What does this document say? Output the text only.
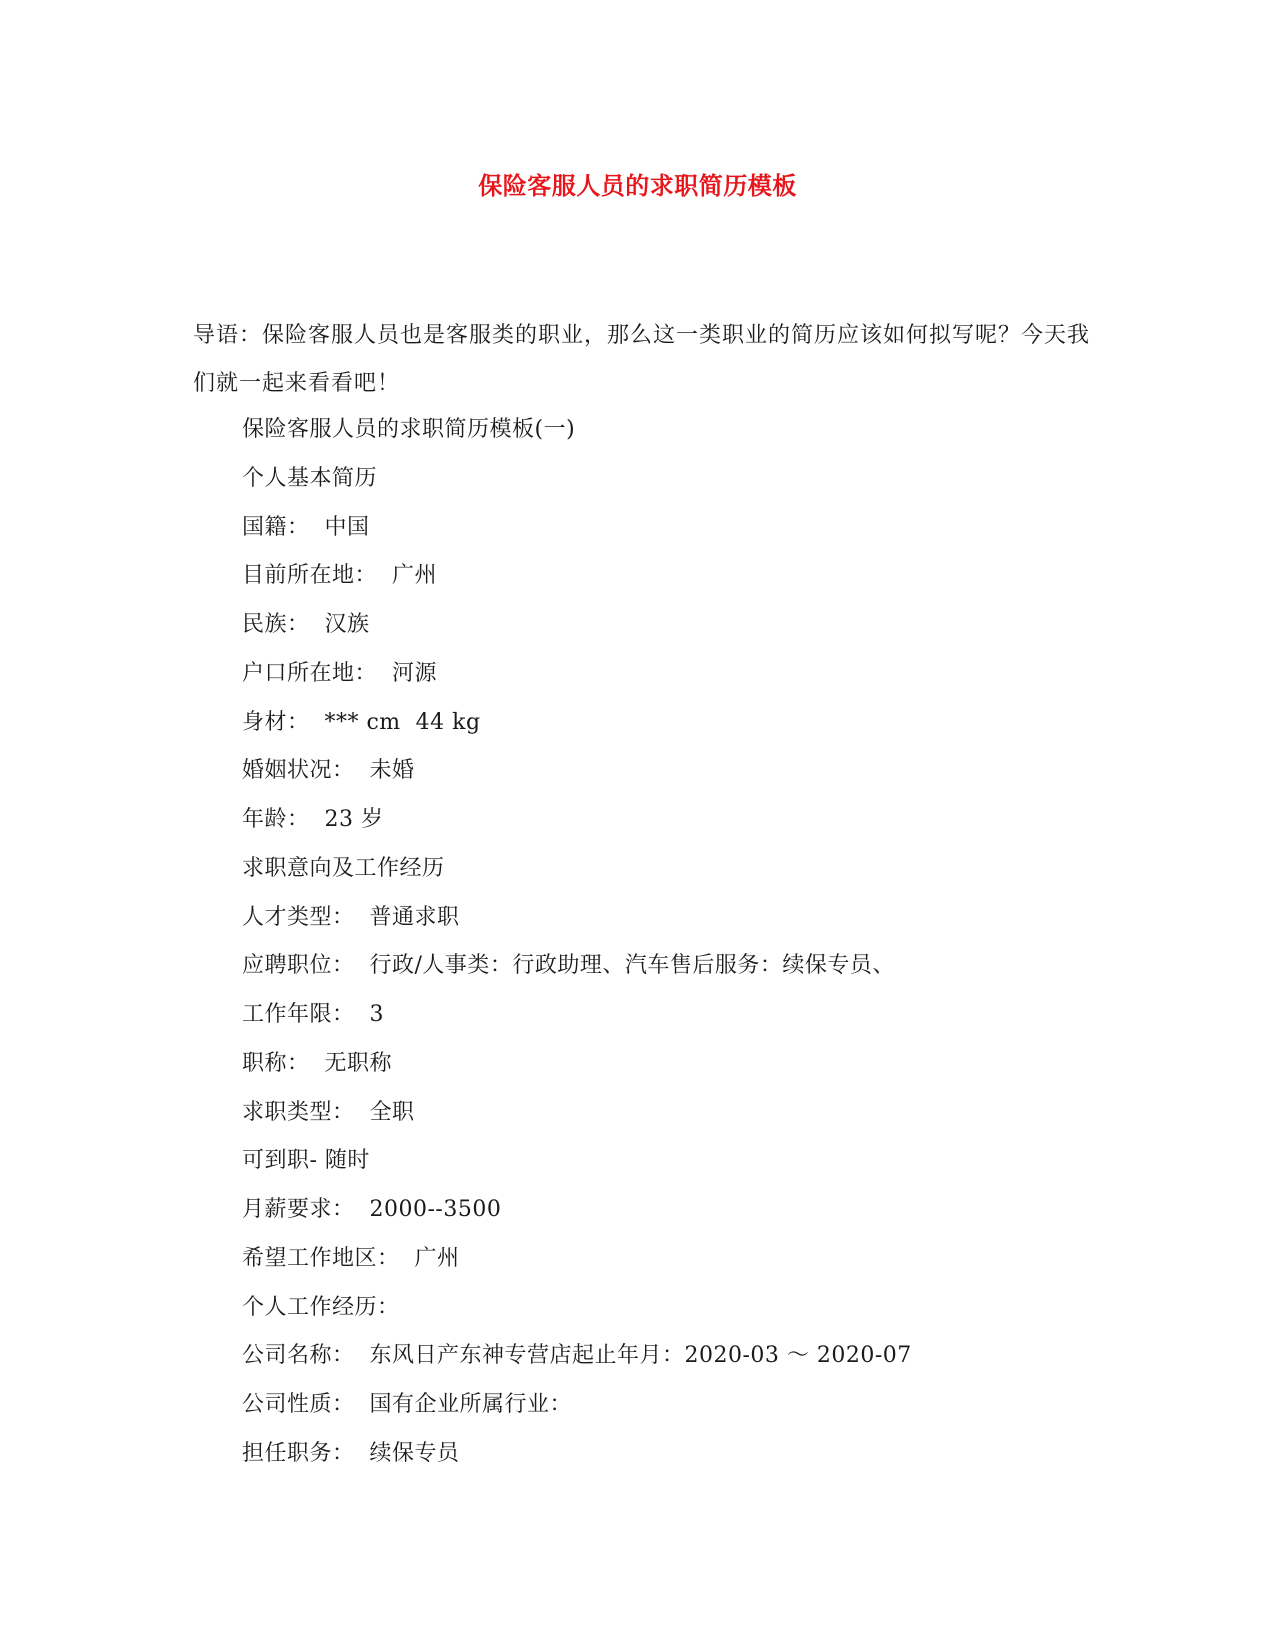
保险客服人员的求职简历模板
导语：保险客服人员也是客服类的职业，那么这一类职业的简历应该如何拟写呢？今天我们就一起来看看吧！
保险客服人员的求职简历模板(一)
个人基本简历
国籍：  中国
目前所在地：  广州
民族：  汉族
户口所在地：  河源
身材：  *** cm  44 kg
婚姻状况：  未婚
年龄：  23 岁
求职意向及工作经历
人才类型：  普通求职
应聘职位：  行政/人事类：行政助理、汽车售后服务：续保专员、
工作年限：  3
职称：  无职称
求职类型：  全职
可到职- 随时
月薪要求：  2000--3500
希望工作地区：  广州
个人工作经历：
公司名称：  东风日产东神专营店起止年月：2020-03 ～ 2020-07
公司性质：  国有企业所属行业：
担任职务：  续保专员
